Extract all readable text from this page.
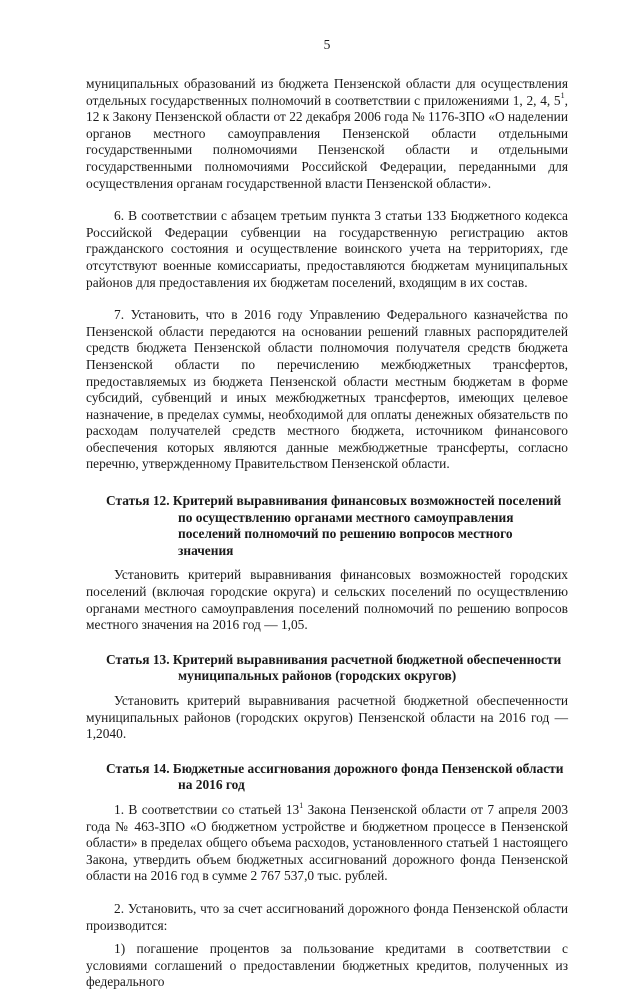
5

муниципальных образований из бюджета Пензенской области для осуществления отдельных государственных полномочий в соответствии с приложениями 1, 2, 4, $5^1$, 12 к Закону Пензенской области от 22 декабря 2006 года № 1176-ЗПО «О наделении органов местного самоуправления Пензенской области отдельными государственными полномочиями Пензенской области и отдельными государственными полномочиями Российской Федерации, переданными для осуществления органам государственной власти Пензенской области».

6. В соответствии с абзацем третьим пункта 3 статьи 133 Бюджетного кодекса Российской Федерации субвенции на государственную регистрацию актов гражданского состояния и осуществление воинского учета на территориях, где отсутствуют военные комиссариаты, предоставляются бюджетам муниципальных районов для предоставления их бюджетам поселений, входящим в их состав.

7. Установить, что в 2016 году Управлению Федерального казначейства по Пензенской области передаются на основании решений главных распорядителей средств бюджета Пензенской области полномочия получателя средств бюджета Пензенской области по перечислению межбюджетных трансфертов, предоставляемых из бюджета Пензенской области местным бюджетам в форме субсидий, субвенций и иных межбюджетных трансфертов, имеющих целевое назначение, в пределах суммы, необходимой для оплаты денежных обязательств по расходам получателей средств местного бюджета, источником финансового обеспечения которых являются данные межбюджетные трансферты, согласно перечню, утвержденному Правительством Пензенской области.

Статья 12. Критерий выравнивания финансовых возможностей поселений по осуществлению органами местного самоуправления поселений полномочий по решению вопросов местного значения

Установить критерий выравнивания финансовых возможностей городских поселений (включая городские округа) и сельских поселений по осуществлению органами местного самоуправления поселений полномочий по решению вопросов местного значения на 2016 год — 1,05.

Статья 13. Критерий выравнивания расчетной бюджетной обеспеченности муниципальных районов (городских округов)

Установить критерий выравнивания расчетной бюджетной обеспеченности муниципальных районов (городских округов) Пензенской области на 2016 год — 1,2040.

Статья 14. Бюджетные ассигнования дорожного фонда Пензенской области на 2016 год

1. В соответствии со статьей $13^1$ Закона Пензенской области от 7 апреля 2003 года № 463-ЗПО «О бюджетном устройстве и бюджетном процессе в Пензенской области» в пределах общего объема расходов, установленного статьей 1 настоящего Закона, утвердить объем бюджетных ассигнований дорожного фонда Пензенской области на 2016 год в сумме 2 767 537,0 тыс. рублей.

2. Установить, что за счет ассигнований дорожного фонда Пензенской области производится:

1) погашение процентов за пользование кредитами в соответствии с условиями соглашений о предоставлении бюджетных кредитов, полученных из федерального
